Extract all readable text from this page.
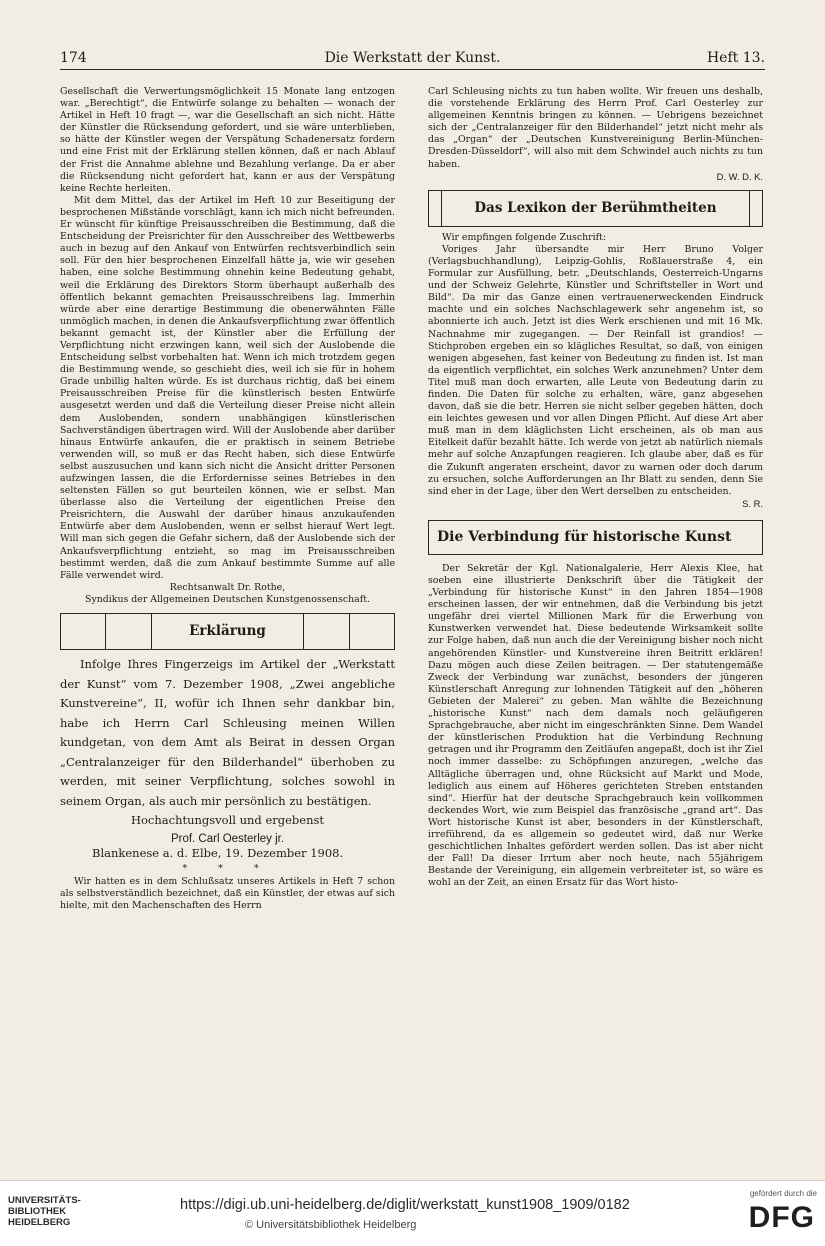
174	Die Werkstatt der Kunst.	Heft 13.

Gesellschaft die Verwertungsmöglichkeit 15 Monate lang entzogen war. „Berechtigt“, die Entwürfe solange zu behalten — wonach der Artikel in Heft 10 fragt —, war die Gesellschaft an sich nicht. Hätte der Künstler die Rücksendung gefordert, und sie wäre unterblieben, so hätte der Künstler wegen der Verspätung Schadenersatz fordern und eine Frist mit der Erklärung stellen können, daß er nach Ablauf der Frist die Annahme ablehne und Bezahlung verlange. Da er aber die Rücksendung nicht gefordert hat, kann er aus der Verspätung keine Rechte herleiten.

Mit dem Mittel, das der Artikel im Heft 10 zur Beseitigung der besprochenen Mißstände vorschlägt, kann ich mich nicht befreunden. Er wünscht für künftige Preisausschreiben die Bestimmung, daß die Entscheidung der Preisrichter für den Ausschreiber des Wettbewerbs auch in bezug auf den Ankauf von Entwürfen rechtsverbindlich sein soll. Für den hier besprochenen Einzelfall hätte ja, wie wir gesehen haben, eine solche Bestimmung ohnehin keine Bedeutung gehabt, weil die Erklärung des Direktors Storm überhaupt außerhalb des öffentlich bekannt gemachten Preisausschreibens lag. Immerhin würde aber eine derartige Bestimmung die obenerwähnten Fälle unmöglich machen, in denen die Ankaufsverpflichtung zwar öffentlich bekannt gemacht ist, der Künstler aber die Erfüllung der Verpflichtung nicht erzwingen kann, weil sich der Auslobende die Entscheidung selbst vorbehalten hat. Wenn ich mich trotzdem gegen die Bestimmung wende, so geschieht dies, weil ich sie für in hohem Grade unbillig halten würde. Es ist durchaus richtig, daß bei einem Preisausschreiben Preise für die künstlerisch besten Entwürfe ausgesetzt werden und daß die Verteilung dieser Preise nicht allein dem Auslobenden, sondern unabhängigen künstlerischen Sachverständigen übertragen wird. Will der Auslobende aber darüber hinaus Entwürfe ankaufen, die er praktisch in seinem Betriebe verwenden will, so muß er das Recht haben, sich diese Entwürfe selbst auszusuchen und kann sich nicht die Ansicht dritter Personen aufzwingen lassen, die die Erfordernisse seines Betriebes in den seltensten Fällen so gut beurteilen können, wie er selbst. Man überlasse also die Verteilung der eigentlichen Preise den Preisrichtern, die Auswahl der darüber hinaus anzukaufenden Entwürfe aber dem Auslobenden, wenn er selbst hierauf Wert legt. Will man sich gegen die Gefahr sichern, daß der Auslobende sich der Ankaufsverpflichtung entzieht, so mag im Preisausschreiben bestimmt werden, daß die zum Ankauf bestimmte Summe auf alle Fälle verwendet wird.

Rechtsanwalt Dr. Rothe,
Syndikus der Allgemeinen Deutschen Kunstgenossenschaft.
Erklärung

Infolge Ihres Fingerzeigs im Artikel der „Werkstatt der Kunst“ vom 7. Dezember 1908, „Zwei angebliche Kunstvereine“, II, wofür ich Ihnen sehr dankbar bin, habe ich Herrn Carl Schleusing meinen Willen kundgetan, von dem Amt als Beirat in dessen Organ „Centralanzeiger für den Bilderhandel“ überhoben zu werden, mit seiner Verpflichtung, solches sowohl in seinem Organ, als auch mir persönlich zu bestätigen.

Hochachtungsvoll und ergebenst
Prof. Carl Oesterley jr.
Blankenese a. d. Elbe, 19. Dezember 1908.
* * *

Wir hatten es in dem Schlußsatz unseres Artikels in Heft 7 schon als selbstverständlich bezeichnet, daß ein Künstler, der etwas auf sich hielte, mit den Machenschaften des Herrn

Carl Schleusing nichts zu tun haben wollte. Wir freuen uns deshalb, die vorstehende Erklärung des Herrn Prof. Carl Oesterley zur allgemeinen Kenntnis bringen zu können. — Uebrigens bezeichnet sich der „Centralanzeiger für den Bilderhandel“ jetzt nicht mehr als das „Organ“ der „Deutschen Kunstvereinigung Berlin-München-Dresden-Düsseldorf“, will also mit dem Schwindel auch nichts zu tun haben.

D. W. D. K.
Das Lexikon der Berühmtheiten

Wir empfingen folgende Zuschrift:

Voriges Jahr übersandte mir Herr Bruno Volger (Verlagsbuchhandlung), Leipzig-Gohlis, Roßlauerstraße 4, ein Formular zur Ausfüllung, betr. „Deutschlands, Oesterreich-Ungarns und der Schweiz Gelehrte, Künstler und Schriftsteller in Wort und Bild“. Da mir das Ganze einen vertrauenerweckenden Eindruck machte und ein solches Nachschlagewerk sehr angenehm ist, so abonnierte ich auch. Jetzt ist dies Werk erschienen und mit 16 Mk. Nachnahme mir zugegangen. — Der Reinfall ist grandios! — Stichproben ergeben ein so klägliches Resultat, so daß, von einigen wenigen abgesehen, fast keiner von Bedeutung zu finden ist. Ist man da eigentlich verpflichtet, ein solches Werk anzunehmen? Unter dem Titel muß man doch erwarten, alle Leute von Bedeutung darin zu finden. Die Daten für solche zu erhalten, wäre, ganz abgesehen davon, daß sie die betr. Herren sie nicht selber gegeben hätten, doch ein leichtes gewesen und vor allen Dingen Pflicht. Auf diese Art aber muß man in dem kläglichsten Licht erscheinen, als ob man aus Eitelkeit dafür bezahlt hätte. Ich werde von jetzt ab natürlich niemals mehr auf solche Anzapfungen reagieren. Ich glaube aber, daß es für die Zukunft angeraten erscheint, davor zu warnen oder doch darum zu ersuchen, solche Aufforderungen an Ihr Blatt zu senden, denn Sie sind eher in der Lage, über den Wert derselben zu entscheiden.

S. R.
Die Verbindung für historische Kunst

Der Sekretär der Kgl. Nationalgalerie, Herr Alexis Klee, hat soeben eine illustrierte Denkschrift über die Tätigkeit der „Verbindung für historische Kunst“ in den Jahren 1854—1908 erscheinen lassen, der wir entnehmen, daß die Verbindung bis jetzt ungefähr drei viertel Millionen Mark für die Erwerbung von Kunstwerken verwendet hat. Diese bedeutende Wirksamkeit sollte zur Folge haben, daß nun auch die der Vereinigung bisher noch nicht angehörenden Künstler- und Kunstvereine ihren Beitritt erklären! Dazu mögen auch diese Zeilen beitragen. — Der statutengemäße Zweck der Verbindung war zunächst, besonders der jüngeren Künstlerschaft Anregung zur lohnenden Tätigkeit auf den „höheren Gebieten der Malerei“ zu geben. Man wählte die Bezeichnung „historische Kunst“ nach dem damals noch geläufigeren Sprachgebrauche, aber nicht im eingeschränkten Sinne. Dem Wandel der künstlerischen Produktion hat die Verbindung Rechnung getragen und ihr Programm den Zeitläufen angepaßt, doch ist ihr Ziel noch immer dasselbe: zu Schöpfungen anzuregen, „welche das Alltägliche überragen und, ohne Rücksicht auf Markt und Mode, lediglich aus einem auf Höheres gerichteten Streben entstanden sind“. Hierfür hat der deutsche Sprachgebrauch kein vollkommen deckendes Wort, wie zum Beispiel das französische „grand art“. Das Wort historische Kunst ist aber, besonders in der Künstlerschaft, irreführend, da es allgemein so gedeutet wird, daß nur Werke geschichtlichen Inhaltes gefördert werden sollen. Das ist aber nicht der Fall! Da dieser Irrtum aber noch heute, nach 55jährigem Bestande der Vereinigung, ein allgemein verbreiteter ist, so wäre es wohl an der Zeit, an einen Ersatz für das Wort histo-

UNIVERSITÄTS-
BIBLIOTHEK
HEIDELBERG
https://digi.ub.uni-heidelberg.de/diglit/werkstatt_kunst1908_1909/0182
© Universitätsbibliothek Heidelberg
gefördert durch die
DFG
